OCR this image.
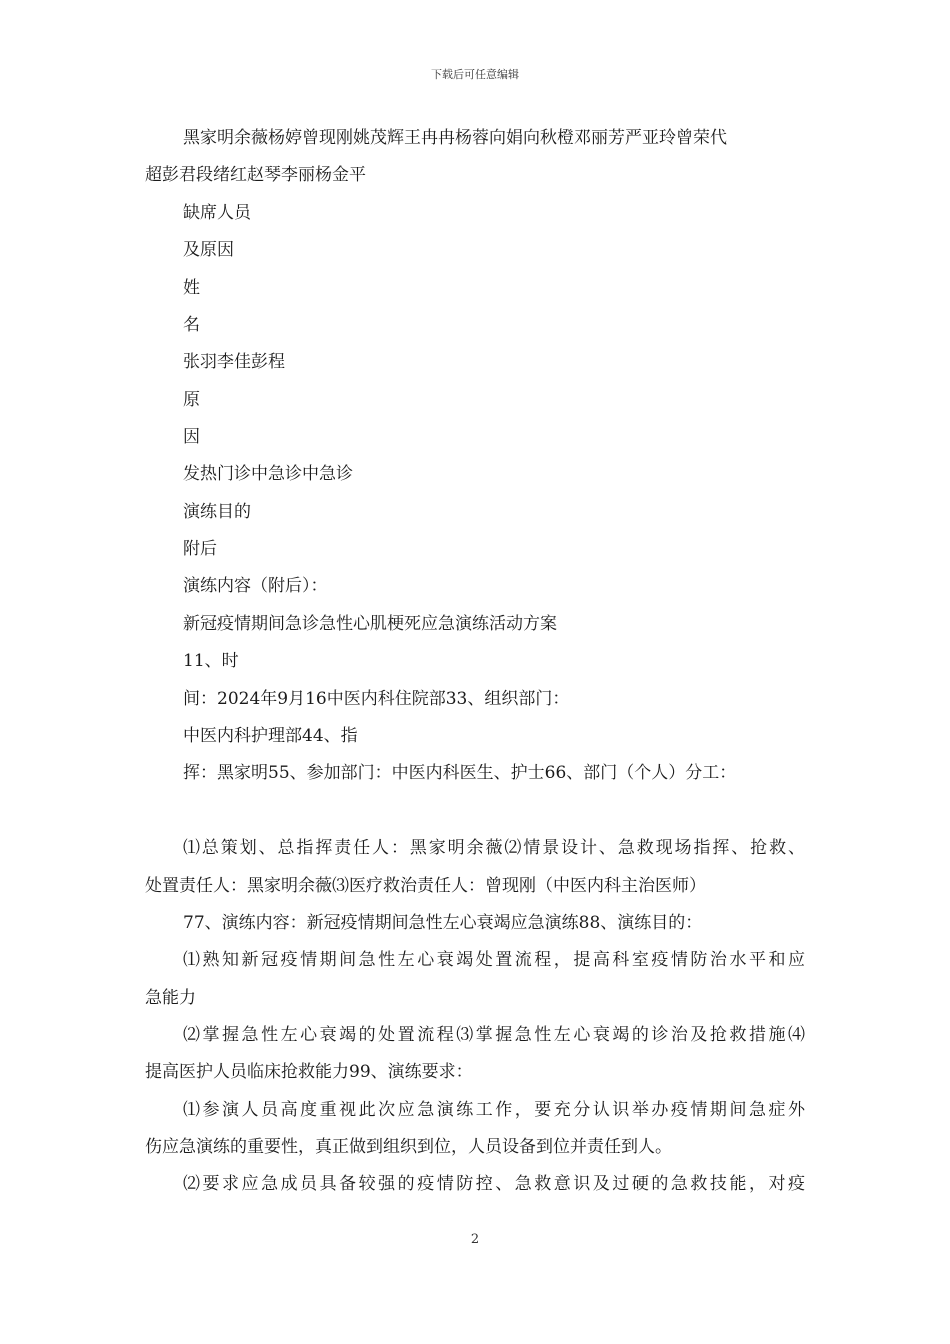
下载后可任意编辑
黑家明余薇杨婷曾现刚姚茂辉王冉冉杨蓉向娟向秋橙邓丽芳严亚玲曾荣代
超彭君段绪红赵琴李丽杨金平
缺席人员
及原因
姓
名
张羽李佳彭程
原
因
发热门诊中急诊中急诊
演练目的
附后
演练内容（附后）：
新冠疫情期间急诊急性心肌梗死应急演练活动方案
11、时
间：2024年9月16中医内科住院部33、组织部门：
中医内科护理部44、指
挥：黑家明55、参加部门：中医内科医生、护士66、部门（个人）分工：
⑴总策划、总指挥责任人：黑家明余薇⑵情景设计、急救现场指挥、抢救、
处置责任人：黑家明余薇⑶医疗救治责任人：曾现刚（中医内科主治医师）
77、演练内容：新冠疫情期间急性左心衰竭应急演练88、演练目的：
⑴熟知新冠疫情期间急性左心衰竭处置流程，提高科室疫情防治水平和应
急能力
⑵掌握急性左心衰竭的处置流程⑶掌握急性左心衰竭的诊治及抢救措施⑷
提高医护人员临床抢救能力99、演练要求：
⑴参演人员高度重视此次应急演练工作，要充分认识举办疫情期间急症外
伤应急演练的重要性，真正做到组织到位，人员设备到位并责任到人。
⑵要求应急成员具备较强的疫情防控、急救意识及过硬的急救技能，对疫
2
